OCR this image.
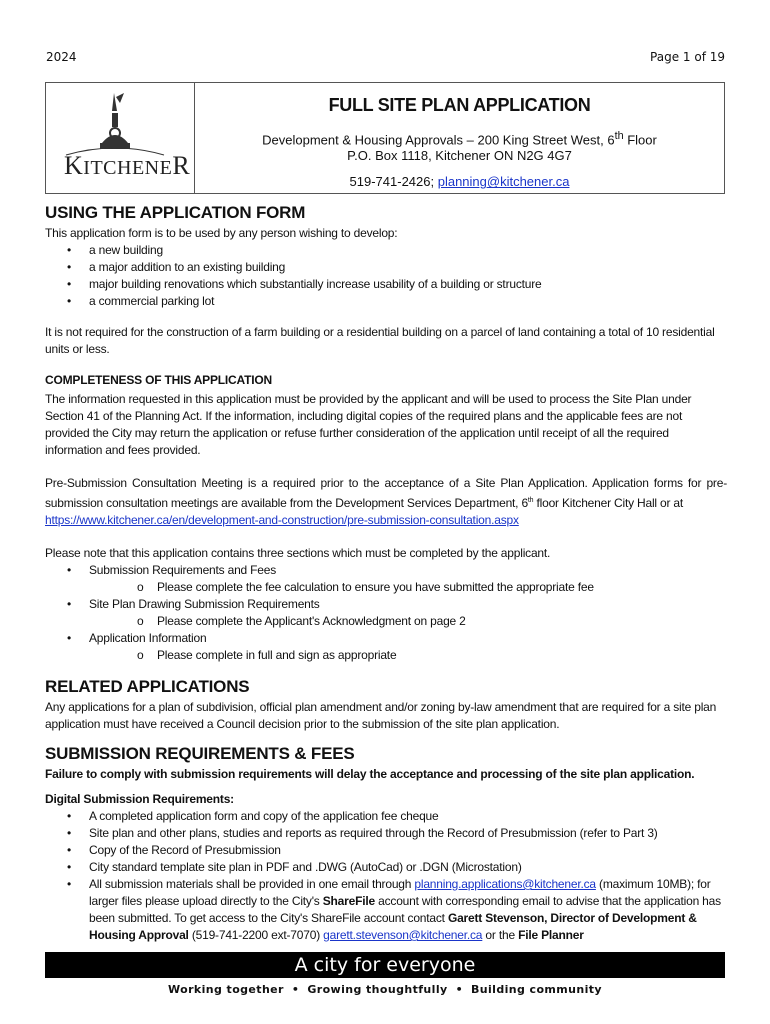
2024	Page 1 of 19
KITCHENER
FULL SITE PLAN APPLICATION
Development & Housing Approvals – 200 King Street West, 6th Floor
P.O. Box 1118, Kitchener ON N2G 4G7
519-741-2426; planning@kitchener.ca
USING THE APPLICATION FORM

This application form is to be used by any person wishing to develop:

• a new building
• a major addition to an existing building
• major building renovations which substantially increase usability of a building or structure
• a commercial parking lot

It is not required for the construction of a farm building or a residential building on a parcel of land containing a total of 10 residential units or less.

COMPLETENESS OF THIS APPLICATION

The information requested in this application must be provided by the applicant and will be used to process the Site Plan under Section 41 of the Planning Act. If the information, including digital copies of the required plans and the applicable fees are not provided the City may return the application or refuse further consideration of the application until receipt of all the required information and fees provided.

Pre-Submission Consultation Meeting is a required prior to the acceptance of a Site Plan Application. Application forms for pre-submission consultation meetings are available from the Development Services Department, 6th floor Kitchener City Hall or at
https://www.kitchener.ca/en/development-and-construction/pre-submission-consultation.aspx

Please note that this application contains three sections which must be completed by the applicant.

• Submission Requirements and Fees
o Please complete the fee calculation to ensure you have submitted the appropriate fee
• Site Plan Drawing Submission Requirements
o Please complete the Applicant's Acknowledgment on page 2
• Application Information
o Please complete in full and sign as appropriate
RELATED APPLICATIONS

Any applications for a plan of subdivision, official plan amendment and/or zoning by-law amendment that are required for a site plan application must have received a Council decision prior to the submission of the site plan application.

SUBMISSION REQUIREMENTS & FEES

Failure to comply with submission requirements will delay the acceptance and processing of the site plan application.

Digital Submission Requirements:

• A completed application form and copy of the application fee cheque
• Site plan and other plans, studies and reports as required through the Record of Presubmission (refer to Part 3)
• Copy of the Record of Presubmission
• City standard template site plan in PDF and .DWG (AutoCad) or .DGN (Microstation)
• All submission materials shall be provided in one email through planning.applications@kitchener.ca (maximum 10MB); for larger files please upload directly to the City's ShareFile account with corresponding email to advise that the application has been submitted. To get access to the City's ShareFile account contact Garett Stevenson, Director of Development & Housing Approval (519-741-2200 ext-7070) garett.stevenson@kitchener.ca or the File Planner
A city for everyone
Working together • Growing thoughtfully • Building community
